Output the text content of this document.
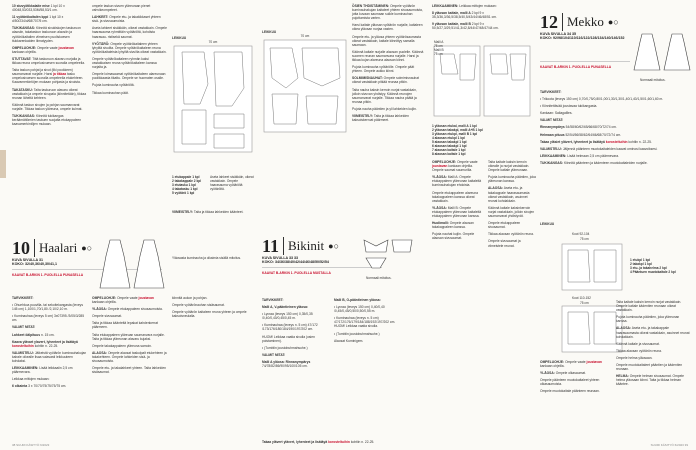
10 stuvyötikkalaite mise 1 kpl 10 x 40048,53/033,53M/58,53/1 cm.
11 vyötärökaitalén kppi 1 kpl 10 x d/50/234/d/68/707/5 cm.
TUKIKANGAS: Kiinnitä sivukiskojen taskuruon alaosiin, takataskun taskuruon alaosiin ja vyötärökaitalien viimeisen puoliskoesen tiukkarenkaiden liimatyyden.
OMPELUOHJE: Ompele vaate joustavan kankaan ohjeilla.
STUTTAVAT: Tiitä taskuruon alavaru nurjalla ja tikkaa reuna ompelusivuesen suoralla ompeleella.
Taita taskun pohjat ja sivut (ilki pookkeen) saumanvarat nurjalle. Harsi ja tikkaa tasku ompelusivuesen suoralla ompeleella etukehteen. Kaavamerkintöjen mukaan pohjasta ja sivuista.
TAKATASKU: Taita taskuruon alavaru oikeat vastakkain ja ompele sivupala (kiinnitetään), tikkaa reunan läheltä kehteen.
Käännä taskun sivujen ja pohjan saumanvarat nurjalle. Tikkaa taskun yläreuna, ompele kulmat.
TUKIKANGAS: Kiinnitä tukikangas keräämättömien taskuen suojalta etukappaleen kaavamerkintöjen mukaan.
ompele taskun sivuen yläreuraan pienet vahvikeompeleet.
LAHKEET: Ompele etu- ja takakikkaset yhteen sisä- ja sivusaumoista.
Aseta lahkeet sisäkkäin, oikeat vastakkain. Ompele haarasauma ryhmittäin vyötäröltä, kohdista haarasau- ristisekä saumat.
VYÖTÄRÖ: Ompele vyötärökaitaleen yhteen lyhyiltä sivuilta. Ompele vyötärökaitaleen reuna vyötärökaitaleista lyhyiltä sivuilta oikeat vastakkain.
Ompele vyötärökaitaleen ryhmän kaksi vastakkaisen reuna vyötärökaitaleen kanssa nurjalta ja.
Ompele loimasaumat vyötärökaitaleen alareunaan puolikkaasta tikattu. Ompele se huomaten osalle.
Pujota kuminauha vyötäröltä.
Tikkaa kuminauhan päät.
LEIKKUU
70 cm
1 etukappale 1 kpl
2 takakappale 2 kpl
3 etutasku 1 kpl
4 takatasku 1 kpl
5 vyötärö 1 kpl
Aseta lahkeet sisäkkäin, oikeat vastakkain. Ompele haarasauma vyötäröltä vyötäröltä.
VIIMEISTELY: Taita ja tikkaa lahkeiden käänteet.
10 Haalari ●○
KUVA SIVULLA 31
KOKO: 32/40,36/40,30/41,1
KAAVAT B-ARKIN 1. PUOLELLA PUNASELLA
Yläosasta kuminauha ja olkaimia sisällä mitoitus.
TARVIKKEET:
• Ohuehkoa puuvilla- tai sekoitekangasta (leveys 145 cm) 1,100/1,70/1,80 /2,10/2,10 m.
• Kuminauhaa (leveys 5 cm) 3x07395 /3/05/3/285 cm.
VALMIT MITAT:
Lahkeet öälpituus n. 15 cm.
Kaava ylävart ylavert, lyhenteet ja lisätäyä korosteltuihin kohtiin n. 22-25.
VALMISTELU: Jälkeistä vyötärön kuminauhakujan kalrale oikealle lisaa vaiavasti leikkuuteen kohdaksi.
LEIKKAAMINEN: Lisää leikkaaiin 2,5 cm päärmevara.
Leikkaa mittojen mukaan:
6 olkainta 3 x 70/70/75/75/75/75 cm.
OMPELUOHJE: Ompele vaate joustavan kankaan ohjeilla.
YLÄOSA: Ompele etukappaleen sivusaumoista.
Ompele sivusaumat.
Taita ja tikkaa käänteitä lepakat kahdenkerrat päärmeen.
Taita etukappaleen yläreuan saumanvara nurjalle. Taita ja tikkaa yläreunan alavaru kujaksi.
Ompele takakappaleen yläreuna samoin.
ALAOSA: Ompele alaosat taskulpalt etukehteen ja takakehteen. Ompele lahkeiden sisä- ja sivusaumoista.
Ompele etu- ja takalahkeet yhteen. Taita lahkeiden sisäsaumat.
38 SUURI KÄSITYÖ 6/2023
kiinnitä aukon ja pohjan.
Ompele vyötärönauhan sisäsaumat.
Ompele vyötärön kaitaleen reuna yhteen ja ompele kaksoisneulalla.
LEIKKUU
70 cm
11 Bikinit ●○
KUVA SIVULLA 33 33
KOKO: 34/36/38/40/42/44/46/48/50/52/54
KAAVAT B-ARKIN 1. PUOLELLA MUSTALLA
Normaali mitoitus.
TARVIKKEET:
Malli A, V-pääntieinen yläosa:
• Lycraa (leveys 150 cm) 0,35/0,35 /0,40/0,40/0,45/0,45 m.
• Kuminauhaa (leveys n. 5 cm) 47/172 /173/176/180/184/190/197/202 cm.
HUOM! Leikkaa vaatia sivulla (osien poistaminen).
• (Tumblin joustobuhmahsuhe.)
VALMIT MITAT:
Malli A yläosa: Rinnanympärys 74/78/82/86/90/95/100/105 cm.
Malli B, O-pääntieinen yläosa:
• Lycraa (leveys 150 cm) 0,40/0,40 /0,45/0,45/0,50/0,50/0,55 m.
• Kuminauhaa (leveys n. 5 cm) 47/172/176/179/184/188/192/197/202 cm. HUOM! Leikkaa vaatia sivulla.
• (Tumblin joustobuhmahsuhe.)
Alaosat Kuminigem.
Takaa ylävert ylävert, lyhenteet ja lisätäyä korosteltuihin kohtiin n. 22-25.
ÖSIEN THDISTÄMINEN: Ompele vyötärön kuminauhakujan kaitaleet yhteen sivusaumoista, jotta kuvaan saumaan sulkle kuminauhan pujottamista varten.
Harsi kaitale yläosan vyötärön nurjalle, kaitaleen oikea yläosan nurjaa vasten.
Ompele etu- ja yläosa yhteen vyötärösaumasta oikeat vastakkain, kaitale kiinnittyy samalla saumaan.
Käännä kaitale nurjalle alaosan puolelle. Käännä suomen reunan saumanvara nurjalle. Harsi ja tikkaa kujan alareuna alaosan kiinni.
Pujota kuminauha vyötärölle. Ompele päät yhteen. Ompele aukko kiinni.
SOLMIMISNAUHAT: Ompele solmimisnauhat oikeat vastakkain pitkää reunaa pitkin.
Taita nauha kaksin kerroin nurjat vastakkain, jolloin sivuvan yhdistyy. Käännä reunojen saumanvarat nurjalle. Tikkaa nauha päätä ja reunaa pitkin.
Pujota nauha pääntien ja yli lahkeiden kujiin.
VIIMEISTELY: Taita ja tikkaa lahkeiden kaksoiskerroat päärmeet.
LEIKKAAMINEN: Leikkaa mittojen mukaan:
8 yläosan kaitale, malli A 2 kpl 9 x 35,3/36,3/36,5/38,5/40,5/43/44/46/48/51 cm.
9 yläosan kaitale, malli B 2 kpl 9 x 50,5/27,3/29,51/41,3/42,8/44/47/48/47/44 cm.
Malli A
75 cm
Malli B
75 cm
1 yläosan etukal, malli A 1 kpl
2 yläosan takakpl, malli A+B 1 kpl
3 yläosan etukpl, malli B 1 kpl
4 alaosan etukpl 1 kpl
5 alaosan takakpl 1 kpl
6 alaosan takakpl 1 kpl
7 alaosan kaitale 1 kpl
8 alaosan kaitale 1 kpl
OMPELUOHJE: Ompele vaate joustavan kankaan ohjeilla. Ompele saumat saumurilla.
YLÄOSA: Malli A: Ompele etukappaleen yläreunan kaitaleitä kuminauhakujan ehdoista.
Ompele etukappaleen alareuna takakappaleen kanssa oikeat vastakkain.
YLÄOSA: Malli B: Ompele etukappaleen yläreunan kaitaleitä etukappaleen yläreunan kanssa.
Huolimalli: Ompele alaosan takakappaleen kanssa.
Pujota nauhat kujiin. Ompele alaosan sivusaumat.
Taita kaitale kaksin kerroin oikealle ja nurjat vastakkain. Ompele kaitale yläreunaan.
Pujota kuminauha pääntien, joka yläreunan kanssa.
ALAOSA: Aseta etu- ja takakappale haarasaumasta oikeat vastakkain, asuinnet reunat kohdakkain.
Käännä kaitale kaksinkerroin nurjat vastakkain, jolloin sivujen saumanvarat yhdistyvät.
Ompele etukappaleen sivusaumat.
Tikkaa alaosan vyötärön reuna.
Ompele sivusaumat ja viimeistele reunat.
12 Mekko ●○
KUVA SIVULLA 34 35
KOKO: 92/98/104/110/116/122/128/134/140/146/152
KAAVAT B-ARKIN 1. PUOLELLA PUNASELLA
Normaali mitoitus.
TARVIKKEET:
• Trikoota (leveys 150 cm) 0,70/0,75/0,80/1,00/1,30/1,30/1,40/1,40/1,50/1,60/1,60 m.
• Kiinnitettävää joustavaa tukikangasta.
Kankaan: Saliagallles.
VALMIT MITAT:
Rinnanympärys 54/58/60/62/65/66/68/70/72/74 cm.
Helmaan pituus 52/54/56/58/62/64/66/68/70/72/74 cm.
Takaa yläsiet ylävert, lyhenteet ja lisätäyä korosteltuihin kohtiin n. 22-25.
VALMISTELU: Jäljennä päänteen muotokaitaleiden kaavat ominosi kaavoiksesi.
LEIKKAAMINEN: Lisää helmaan 2,5 cm päärmevara.
TUKIKANGAS: Kiinnitä päänteen ja kädenteen muotokaitaleiden nurjalle.
LEIKKUU
Koot 92-104
75 cm
Koot 110-152
75 cm
1 etukpl 1 kpl
2 takakpl 1 kpl
3 etu- ja takahelma 2 kpl
4 Pääntuen muotokaitale 2 kpl
OMPELUOHJE: Ompele vaate joustavan kankaan ohjeilla.
YLÄOSA: Ompele olkasaumat.
Ompele päänteen muotokaitaleet yhteen olkasaumoista.
Ompele muotokaitale päänteen reunaan.
Taita kaitale kaksin kerroin nurjat vastakkain. Ompele kaitale kädentien reunaan oikeat vastakkain.
Pujota kuminauha pääntien, joka yläreunan kanssa.
ALAOSA: Aseta etu- ja takakappale haarasaumasta oikeat vastakkain, asuinnet reunat kohdakkain.
Käännä kaitale ja sivusaumat.
Tikkaa alaosan vyötärön reuna.
Ompele helma yläosaan.
Ompele muotokaitaleet pääntien ja kädentien reunaan.
HELMA: Ompele helman sivusaumat. Ompele helma yläosaan kiinni. Taita ja tikkaa helman kääntee.
SUURI KÄSITYÖ 6/2023 39
